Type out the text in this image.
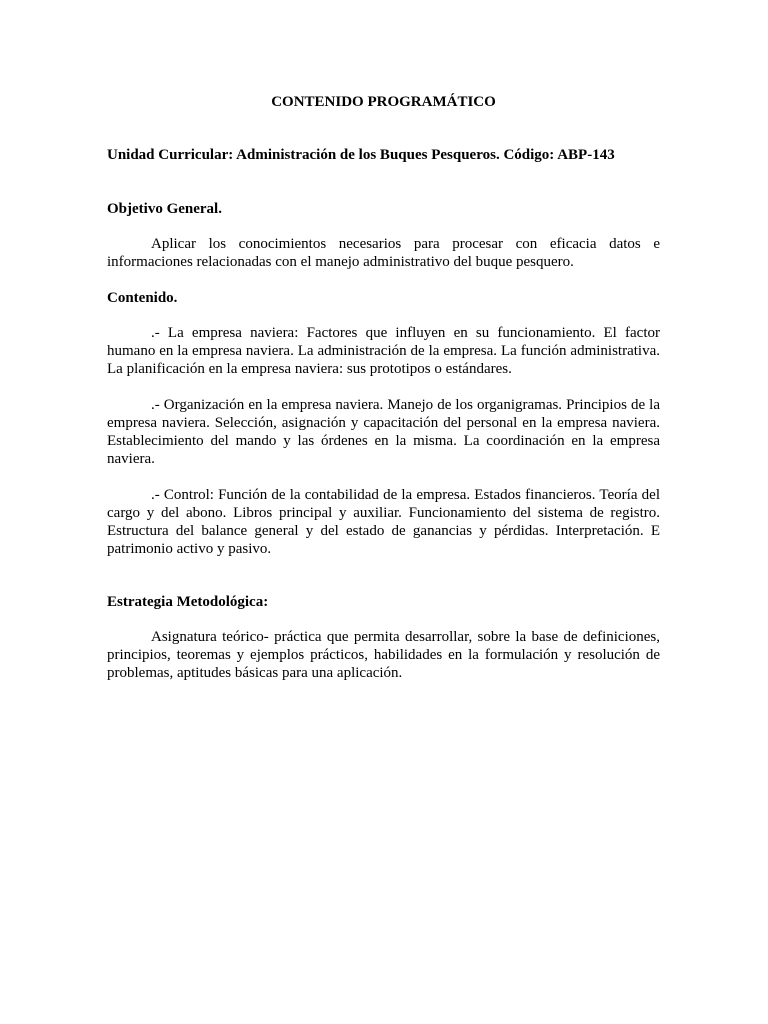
CONTENIDO PROGRAMÁTICO
Unidad Curricular: Administración de los Buques Pesqueros. Código: ABP-143
Objetivo General.

Aplicar los conocimientos necesarios para procesar con eficacia datos e informaciones relacionadas con el manejo administrativo del buque pesquero.

Contenido.

.- La empresa naviera: Factores que influyen en su funcionamiento. El factor humano en la empresa naviera. La administración de la empresa. La función administrativa. La planificación en la empresa naviera: sus prototipos o estándares.

.- Organización en la empresa naviera. Manejo de los organigramas. Principios de la empresa naviera. Selección, asignación y capacitación del personal en la empresa naviera. Establecimiento del mando y las órdenes en la misma. La coordinación en la empresa naviera.

.- Control: Función de la contabilidad de la empresa. Estados financieros. Teoría del cargo y del abono. Libros principal y auxiliar. Funcionamiento del sistema de registro. Estructura del balance general y del estado de ganancias y pérdidas. Interpretación. E patrimonio activo y pasivo.

Estrategia Metodológica:

Asignatura teórico- práctica que permita desarrollar, sobre la base de definiciones, principios, teoremas y ejemplos prácticos, habilidades en la formulación y resolución de problemas, aptitudes básicas para una aplicación.
